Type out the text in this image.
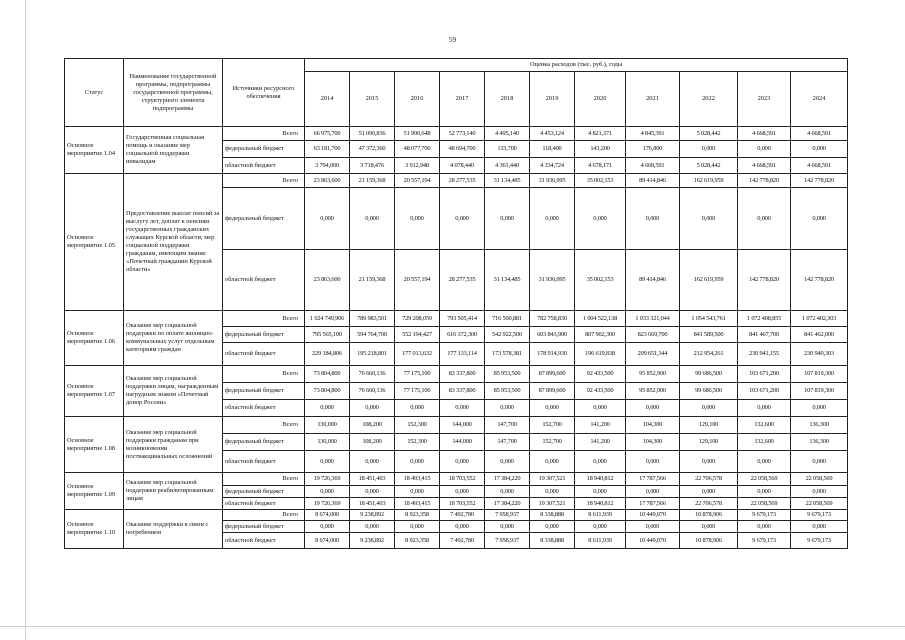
59
Статус	Наименование государственной программы, подпрограммы государственной программы, структурного элемента подпрограммы	Источники ресурсного обеспечения	Оценка расходов (тыс. руб.), годы										
			2014	2015	2016	2017	2018	2019	2020	2021	2022	2023	2024
Основное мероприятие 1.04	Государственная социальная помощь и оказание мер социальной поддержки инвалидам	Всего	66 975,700	51 090,836	51 990,648	52 773,140	4 495,140	4 453,124	4 821,371	4 845,391	5 028,442	4 668,591	4 668,591
		федеральный бюджет	63 181,700	47 372,360	48 077,700	48 694,700	133,700	118,400	143,200	176,800	0,000	0,000	0,000
		областной бюджет	3 794,000	3 718,476	3 912,948	4 078,440	4 361,440	4 334,724	4 678,171	4 668,591	5 028,442	4 668,591	4 668,591
Основное мероприятие 1.05	Предоставление выплат пенсий за выслугу лет, доплат к пенсиям государственных гражданских служащих Курской области; мер социальной поддержки гражданам, имеющим звание «Почетный гражданин Курской области»	Всего	23 863,600	21 159,368	20 557,194	28 277,535	31 134,485	31 936,995	35 002,153	89 414,846	162 619,959	142 778,820	142 778,820
		федеральный бюджет	0,000	0,000	0,000	0,000	0,000	0,000	0,000	0,000	0,000	0,000	0,000
		областной бюджет	23 863,600	21 159,368	20 557,194	28 277,535	31 134,485	31 936,995	35 002,153	89 414,846	162 619,959	142 778,820	142 778,820
Основное мероприятие 1.06	Оказание мер социальной поддержки по оплате жилищно-коммунальных услуг отдельным категориям граждан	Всего	1 024 749,906	789 983,501	729 208,059	793 505,414	716 500,881	782 758,830	1 004 522,138	1 033 321,044	1 054 543,761	1 072 408,855	1 072 402,303
		федеральный бюджет	795 565,100	594 764,700	552 194,427	616 372,300	542 922,500	603 843,900	807 902,300	823 669,700	841 589,500	841 467,700	841 462,000
		областной бюджет	229 184,806	195 218,801	177 013,632	177 133,114	173 578,381	178 914,930	196 619,838	209 651,344	212 954,261	230 941,155	230 940,303
Основное мероприятие 1.07	Оказание мер социальной поддержки лицам, награжденным нагрудным знаком «Почетный донор России»	Всего	73 804,800	76 660,136	77 175,100	83 337,800	85 953,500	87 899,600	92 433,500	95 852,900	99 686,500	103 671,200	107 819,300
		федеральный бюджет	73 804,800	76 660,136	77 175,100	83 337,800	85 953,500	87 899,600	92 433,500	95 852,900	99 686,500	103 671,200	107 819,300
		областной бюджет	0,000	0,000	0,000	0,000	0,000	0,000	0,000	0,000	0,000	0,000	0,000
Основное мероприятие 1.08	Оказание мер социальной поддержки гражданам при возникновении поствакцинальных осложнений	Всего	130,000	108,200	152,300	144,000	147,700	152,700	141,200	104,300	129,100	132,600	136,300
		федеральный бюджет	130,000	108,200	152,300	144,000	147,700	152,700	141,200	104,300	129,100	132,600	136,300
		областной бюджет	0,000	0,000	0,000	0,000	0,000	0,000	0,000	0,000	0,000	0,000	0,000
Основное мероприятие 1.09	Оказание мер социальной поддержки реабилитированным лицам	Всего	19 726,369	18 451,403	18 493,415	18 703,552	17 384,220	19 307,521	18 940,812	17 787,566	22 706,578	22 058,569	22 058,569
		федеральный бюджет	0,000	0,000	0,000	0,000	0,000	0,000	0,000	0,000	0,000	0,000	0,000
		областной бюджет	19 726,369	18 451,403	18 493,415	18 703,552	17 384,220	19 307,521	18 940,812	17 787,566	22 706,578	22 058,569	22 058,569
Основное мероприятие 1.10	Оказание поддержки в связи с погребением	Всего	8 674,000	9 238,892	8 923,358	7 492,780	7 958,937	8 338,888	8 611,939	10 449,070	10 878,906	9 679,173	9 679,173
		федеральный бюджет	0,000	0,000	0,000	0,000	0,000	0,000	0,000	0,000	0,000	0,000	0,000
		областной бюджет	8 674,000	9 238,892	8 923,358	7 492,780	7 958,937	8 338,888	8 611,939	10 449,070	10 878,906	9 679,173	9 679,173
